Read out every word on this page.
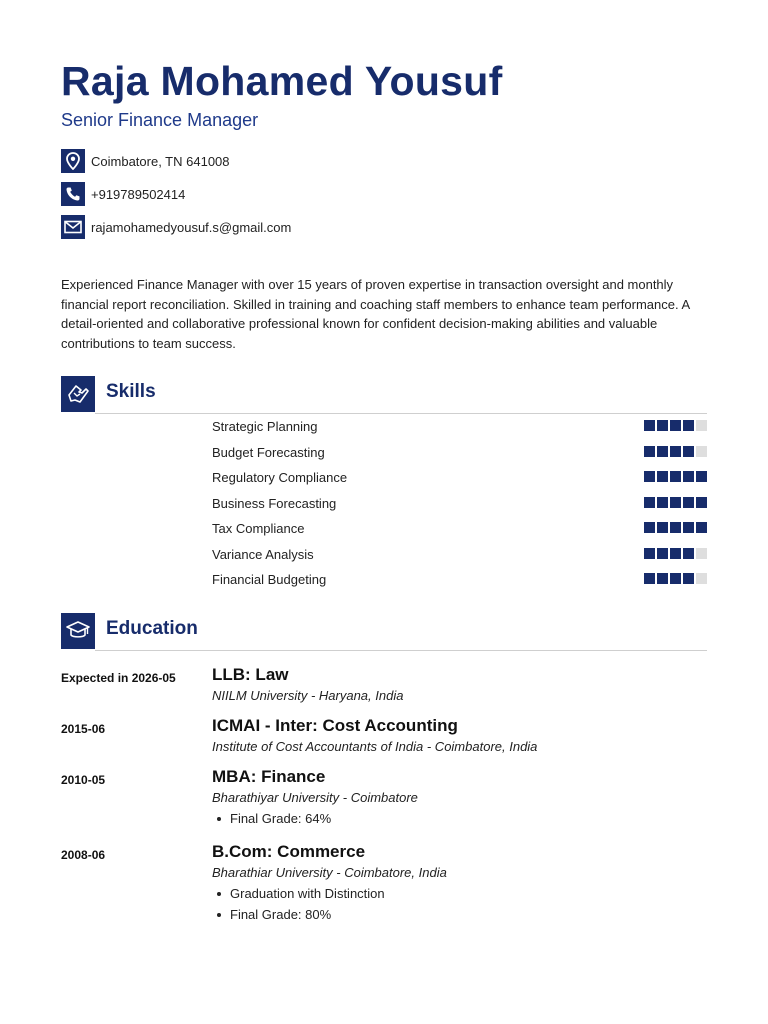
Raja Mohamed Yousuf
Senior Finance Manager
Coimbatore, TN 641008
+919789502414
rajamohamedyousuf.s@gmail.com

Experienced Finance Manager with over 15 years of proven expertise in transaction oversight and monthly financial report reconciliation. Skilled in training and coaching staff members to enhance team performance. A detail-oriented and collaborative professional known for confident decision-making abilities and valuable contributions to team success.

Skills
Strategic Planning
Budget Forecasting
Regulatory Compliance
Business Forecasting
Tax Compliance
Variance Analysis
Financial Budgeting
Education
Expected in 2026-05	LLB: Law
NIILM University - Haryana, India
2015-06	ICMAI - Inter: Cost Accounting
Institute of Cost Accountants of India - Coimbatore, India
2010-05	MBA: Finance
Bharathiyar University - Coimbatore
Final Grade: 64%
2008-06	B.Com: Commerce
Bharathiar University - Coimbatore, India
Graduation with Distinction
Final Grade: 80%
